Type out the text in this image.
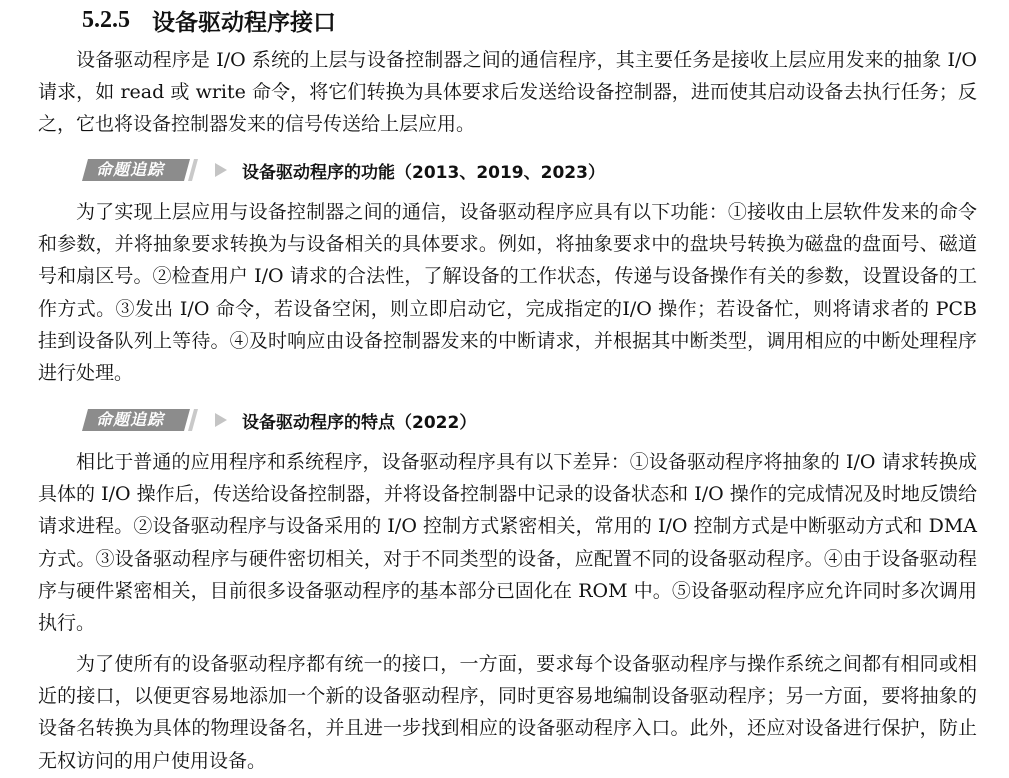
5.2.5 设备驱动程序接口

设备驱动程序是 I/O 系统的上层与设备控制器之间的通信程序，其主要任务是接收上层应用发来的抽象 I/O 请求，如 read 或 write 命令，将它们转换为具体要求后发送给设备控制器，进而使其启动设备去执行任务；反之，它也将设备控制器发来的信号传送给上层应用。

命题追踪	设备驱动程序的功能（2013、2019、2023）

为了实现上层应用与设备控制器之间的通信，设备驱动程序应具有以下功能：①接收由上层软件发来的命令和参数，并将抽象要求转换为与设备相关的具体要求。例如，将抽象要求中的盘块号转换为磁盘的盘面号、磁道号和扇区号。②检查用户 I/O 请求的合法性，了解设备的工作状态，传递与设备操作有关的参数，设置设备的工作方式。③发出 I/O 命令，若设备空闲，则立即启动它，完成指定的I/O 操作；若设备忙，则将请求者的 PCB 挂到设备队列上等待。④及时响应由设备控制器发来的中断请求，并根据其中断类型，调用相应的中断处理程序进行处理。

命题追踪	设备驱动程序的特点（2022）

相比于普通的应用程序和系统程序，设备驱动程序具有以下差异：①设备驱动程序将抽象的 I/O 请求转换成具体的 I/O 操作后，传送给设备控制器，并将设备控制器中记录的设备状态和 I/O 操作的完成情况及时地反馈给请求进程。②设备驱动程序与设备采用的 I/O 控制方式紧密相关，常用的 I/O 控制方式是中断驱动方式和 DMA 方式。③设备驱动程序与硬件密切相关，对于不同类型的设备，应配置不同的设备驱动程序。④由于设备驱动程序与硬件紧密相关，目前很多设备驱动程序的基本部分已固化在 ROM 中。⑤设备驱动程序应允许同时多次调用执行。

为了使所有的设备驱动程序都有统一的接口，一方面，要求每个设备驱动程序与操作系统之间都有相同或相近的接口，以便更容易地添加一个新的设备驱动程序，同时更容易地编制设备驱动程序；另一方面，要将抽象的设备名转换为具体的物理设备名，并且进一步找到相应的设备驱动程序入口。此外，还应对设备进行保护，防止无权访问的用户使用设备。
